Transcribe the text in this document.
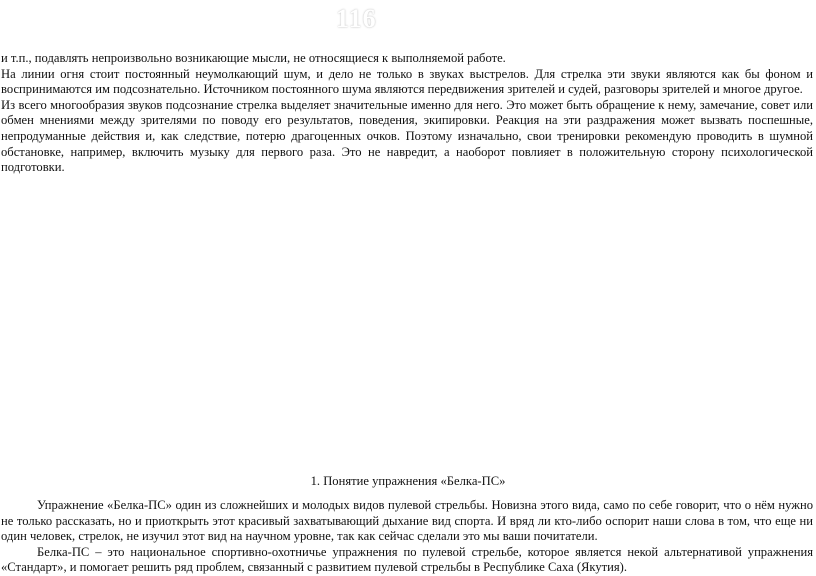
116

и т.п., подавлять непроизвольно возникающие мысли, не относящиеся к выполняемой работе.

На линии огня стоит постоянный неумолкающий шум, и дело не только в звуках выстрелов. Для стрелка эти звуки являются как бы фоном и воспринимаются им подсознательно. Источником постоянного шума являются передвижения зрителей и судей, разговоры зрителей и многое другое.

Из всего многообразия звуков подсознание стрелка выделяет значительные именно для него. Это может быть обращение к нему, замечание, совет или обмен мнениями между зрителями по поводу его результатов, поведения, экипировки. Реакция на эти раздражения может вызвать поспешные, непродуманные действия и, как следствие, потерю драгоценных очков. Поэтому изначально, свои тренировки рекомендую проводить в шумной обстановке, например, включить музыку для первого раза. Это не навредит, а наоборот повлияет в положительную сторону психологической подготовки.

1. Понятие упражнения «Белка-ПС»

Упражнение «Белка-ПС» один из сложнейших и молодых видов пулевой стрельбы. Новизна этого вида, само по себе говорит, что о нём нужно не только рассказать, но и приоткрыть этот красивый захватывающий дыхание вид спорта. И вряд ли кто-либо оспорит наши слова в том, что еще ни один человек, стрелок, не изучил этот вид на научном уровне, так как сейчас сделали это мы ваши почитатели.

Белка-ПС – это национальное спортивно-охотничье упражнения по пулевой стрельбе, которое является некой альтернативой упражнения «Стандарт», и помогает решить ряд проблем, связанный с развитием пулевой стрельбы в Республике Саха (Якутия).
